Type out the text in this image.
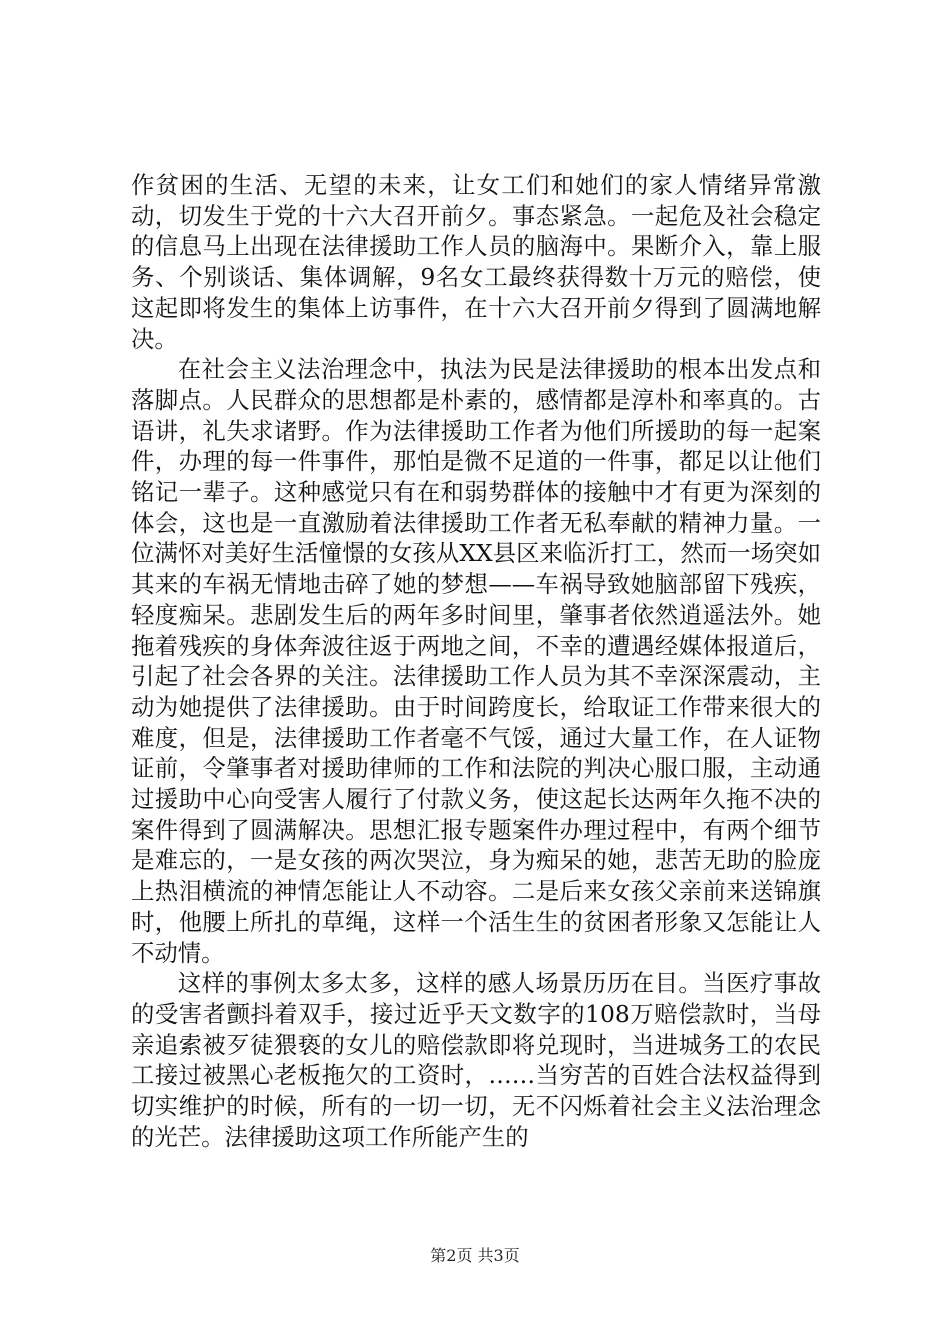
作贫困的生活、无望的未来，让女工们和她们的家人情绪异常激动，切发生于党的十六大召开前夕。事态紧急。一起危及社会稳定的信息马上出现在法律援助工作人员的脑海中。果断介入，靠上服务、个别谈话、集体调解，9名女工最终获得数十万元的赔偿，使这起即将发生的集体上访事件，在十六大召开前夕得到了圆满地解决。

在社会主义法治理念中，执法为民是法律援助的根本出发点和落脚点。人民群众的思想都是朴素的，感情都是淳朴和率真的。古语讲，礼失求诸野。作为法律援助工作者为他们所援助的每一起案件，办理的每一件事件，那怕是微不足道的一件事，都足以让他们铭记一辈子。这种感觉只有在和弱势群体的接触中才有更为深刻的体会，这也是一直激励着法律援助工作者无私奉献的精神力量。一位满怀对美好生活憧憬的女孩从XX县区来临沂打工，然而一场突如其来的车祸无情地击碎了她的梦想——车祸导致她脑部留下残疾，轻度痴呆。悲剧发生后的两年多时间里，肇事者依然逍遥法外。她拖着残疾的身体奔波往返于两地之间，不幸的遭遇经媒体报道后，引起了社会各界的关注。法律援助工作人员为其不幸深深震动，主动为她提供了法律援助。由于时间跨度长，给取证工作带来很大的难度，但是，法律援助工作者毫不气馁，通过大量工作，在人证物证前，令肇事者对援助律师的工作和法院的判决心服口服，主动通过援助中心向受害人履行了付款义务，使这起长达两年久拖不决的案件得到了圆满解决。思想汇报专题案件办理过程中，有两个细节是难忘的，一是女孩的两次哭泣，身为痴呆的她，悲苦无助的脸庞上热泪横流的神情怎能让人不动容。二是后来女孩父亲前来送锦旗时，他腰上所扎的草绳，这样一个活生生的贫困者形象又怎能让人不动情。

这样的事例太多太多，这样的感人场景历历在目。当医疗事故的受害者颤抖着双手，接过近乎天文数字的108万赔偿款时，当母亲追索被歹徒猥亵的女儿的赔偿款即将兑现时，当进城务工的农民工接过被黑心老板拖欠的工资时，……当穷苦的百姓合法权益得到切实维护的时候，所有的一切一切，无不闪烁着社会主义法治理念的光芒。法律援助这项工作所能产生的

第2页 共3页
